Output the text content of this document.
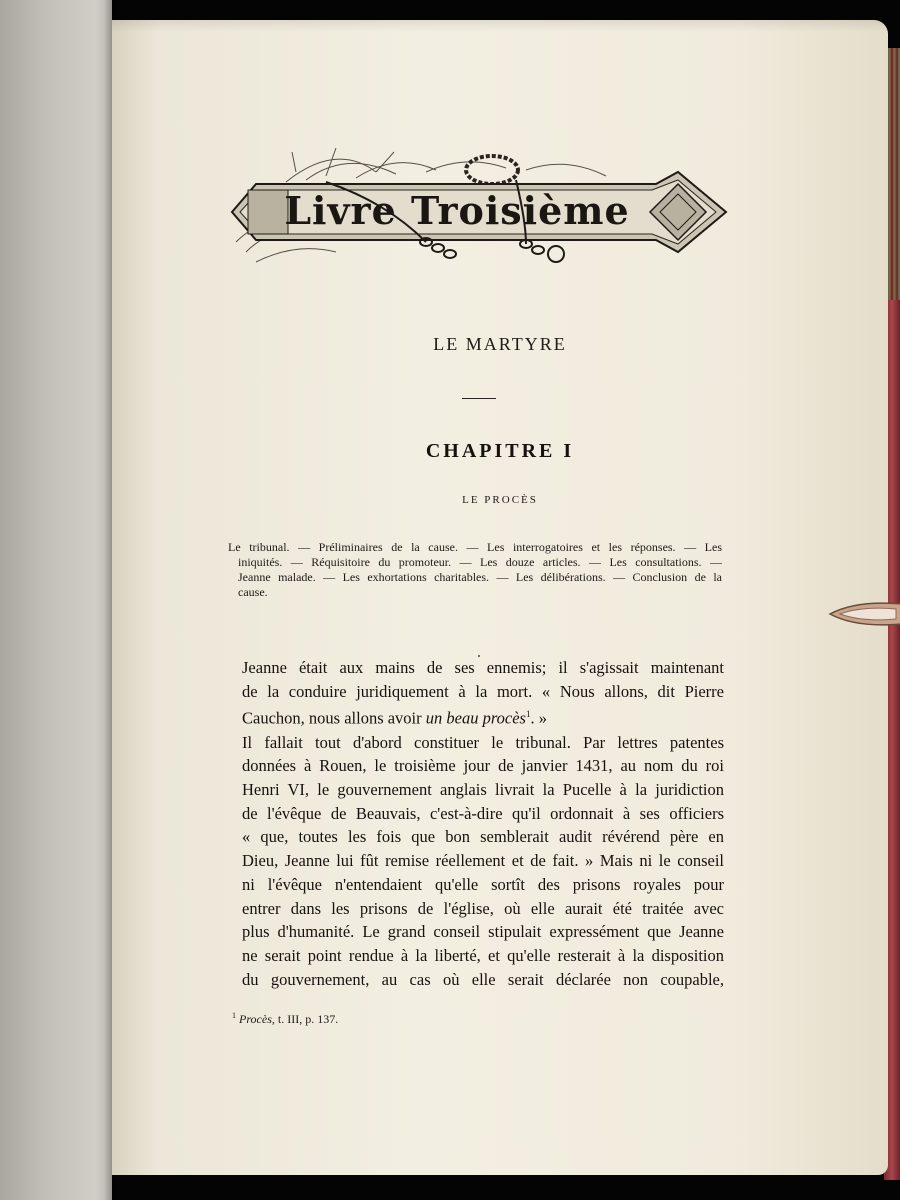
Livre Troisième
LE MARTYRE
CHAPITRE I
LE PROCÈS
Le tribunal. — Préliminaires de la cause. — Les interrogatoires et les réponses. — Les
iniquités. — Réquisitoire du promoteur. — Les douze articles. — Les consultations. —
Jeanne malade. — Les exhortations charitables. — Les délibérations. — Conclusion de la
cause.
Jeanne était aux mains de ses ennemis; il s'agissait maintenant
de la conduire juridiquement à la mort. « Nous allons, dit Pierre
Cauchon, nous allons avoir un beau procès$^1$. »
Il fallait tout d'abord constituer le tribunal. Par lettres patentes
données à Rouen, le troisième jour de janvier 1431, au nom du roi
Henri VI, le gouvernement anglais livrait la Pucelle à la juridiction
de l'évêque de Beauvais, c'est-à-dire qu'il ordonnait à ses officiers
« que, toutes les fois que bon semblerait audit révérend père en
Dieu, Jeanne lui fût remise réellement et de fait. » Mais ni le conseil
ni l'évêque n'entendaient qu'elle sortît des prisons royales pour
entrer dans les prisons de l'église, où elle aurait été traitée avec
plus d'humanité. Le grand conseil stipulait expressément que Jeanne
ne serait point rendue à la liberté, et qu'elle resterait à la disposition
du gouvernement, au cas où elle serait déclarée non coupable,
$^1$ Procès, t. III, p. 137.
